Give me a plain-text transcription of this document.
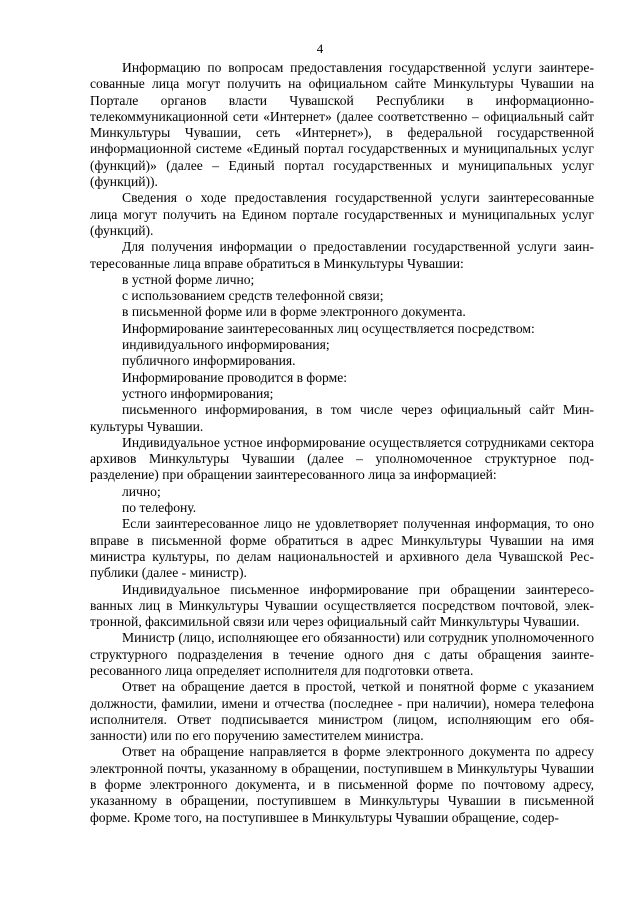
4

Информацию по вопросам предоставления государственной услуги заинтересованные лица могут получить на официальном сайте Минкультуры Чувашии на Портале органов власти Чувашской Республики в информационно-телекоммуникационной сети «Интернет» (далее соответственно – официальный сайт Минкультуры Чувашии, сеть «Интернет»), в федеральной государственной информационной системе «Единый портал государственных и муниципальных услуг (функций)» (далее – Единый портал государственных и муниципальных услуг (функций)).

Сведения о ходе предоставления государственной услуги заинтересованные лица могут получить на Едином портале государственных и муниципальных услуг (функций).

Для получения информации о предоставлении государственной услуги заинтересованные лица вправе обратиться в Минкультуры Чувашии:

в устной форме лично;

с использованием средств телефонной связи;

в письменной форме или в форме электронного документа.

Информирование заинтересованных лиц осуществляется посредством:

индивидуального информирования;

публичного информирования.

Информирование проводится в форме:

устного информирования;

письменного информирования, в том числе через официальный сайт Минкультуры Чувашии.

Индивидуальное устное информирование осуществляется сотрудниками сектора архивов Минкультуры Чувашии (далее – уполномоченное структурное подразделение) при обращении заинтересованного лица за информацией:

лично;

по телефону.

Если заинтересованное лицо не удовлетворяет полученная информация, то оно вправе в письменной форме обратиться в адрес Минкультуры Чувашии на имя министра культуры, по делам национальностей и архивного дела Чувашской Республики (далее - министр).

Индивидуальное письменное информирование при обращении заинтересованных лиц в Минкультуры Чувашии осуществляется посредством почтовой, электронной, факсимильной связи или через официальный сайт Минкультуры Чувашии.

Министр (лицо, исполняющее его обязанности) или сотрудник уполномоченного структурного подразделения в течение одного дня с даты обращения заинтересованного лица определяет исполнителя для подготовки ответа.

Ответ на обращение дается в простой, четкой и понятной форме с указанием должности, фамилии, имени и отчества (последнее - при наличии), номера телефона исполнителя. Ответ подписывается министром (лицом, исполняющим его обязанности) или по его поручению заместителем министра.

Ответ на обращение направляется в форме электронного документа по адресу электронной почты, указанному в обращении, поступившем в Минкультуры Чувашии в форме электронного документа, и в письменной форме по почтовому адресу, указанному в обращении, поступившем в Минкультуры Чувашии в письменной форме. Кроме того, на поступившее в Минкультуры Чувашии обращение, содер-
